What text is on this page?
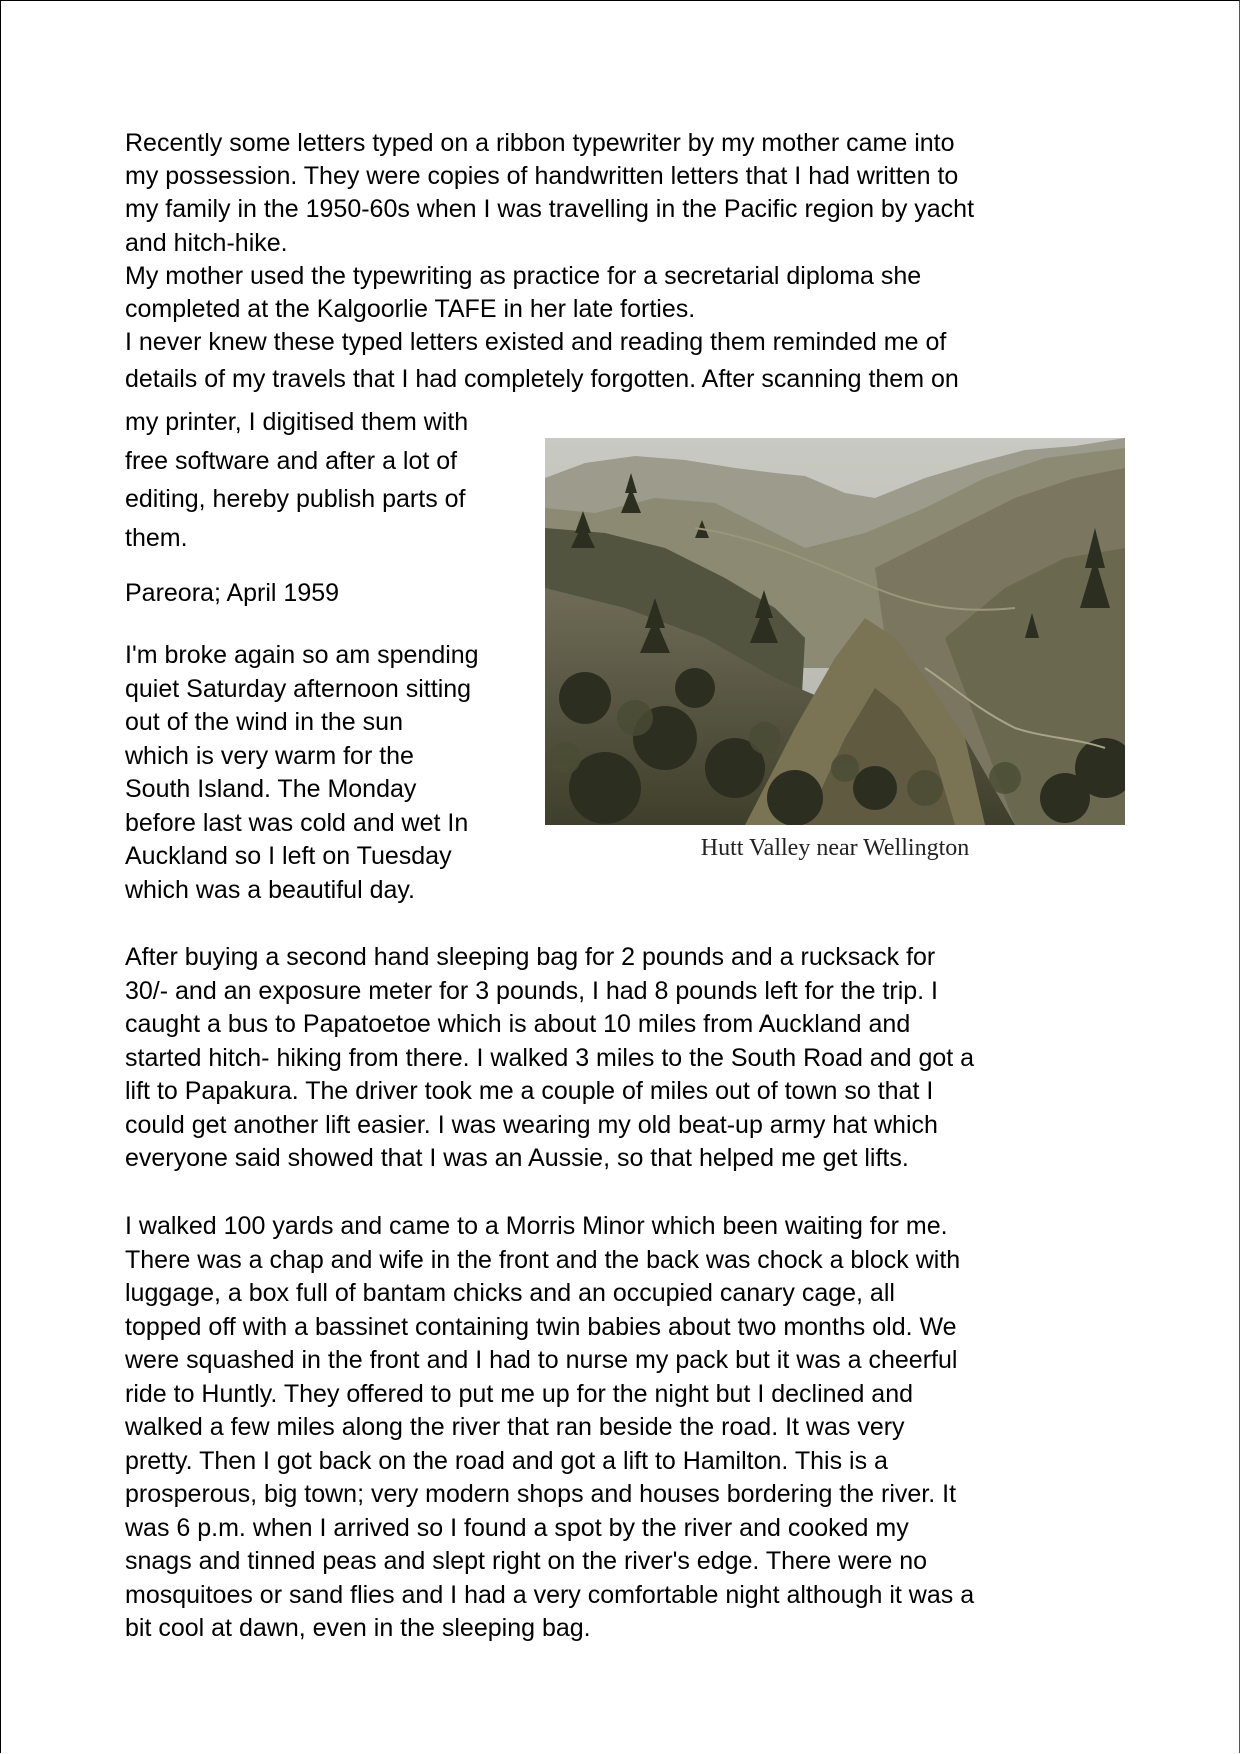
Recently some letters typed on a ribbon typewriter by my mother came into
my possession. They were copies of handwritten letters that I had written to
my family in the 1950-60s when I was travelling in the Pacific region by yacht
and hitch-hike.
My mother used the typewriting as practice for a secretarial diploma she
completed at the Kalgoorlie TAFE in her late forties.
I never knew these typed letters existed and reading them reminded me of
details of my travels that I had completely forgotten. After scanning them on
my printer, I digitised them with
free software and after a lot of
editing, hereby publish parts of
them.
Pareora; April 1959
I'm broke again so am spending
quiet Saturday afternoon sitting
out of the wind in the sun
which is very warm for the
South Island. The Monday
before last was cold and wet In
Auckland so I left on Tuesday
which was a beautiful day.
Hutt Valley near Wellington
After buying a second hand sleeping bag for 2 pounds and a rucksack for
30/- and an exposure meter for 3 pounds, I had 8 pounds left for the trip. I
caught a bus to Papatoetoe which is about 10 miles from Auckland and
started hitch- hiking from there. I walked 3 miles to the South Road and got a
lift to Papakura. The driver took me a couple of miles out of town so that I
could get another lift easier. I was wearing my old beat-up army hat which
everyone said showed that I was an Aussie, so that helped me get lifts.
I walked 100 yards and came to a Morris Minor which been waiting for me.
There was a chap and wife in the front and the back was chock a block with
luggage, a box full of bantam chicks and an occupied canary cage, all
topped off with a bassinet containing twin babies about two months old. We
were squashed in the front and I had to nurse my pack but it was a cheerful
ride to Huntly. They offered to put me up for the night but I declined and
walked a few miles along the river that ran beside the road. It was very
pretty. Then I got back on the road and got a lift to Hamilton. This is a
prosperous, big town; very modern shops and houses bordering the river. It
was 6 p.m. when I arrived so I found a spot by the river and cooked my
snags and tinned peas and slept right on the river's edge. There were no
mosquitoes or sand flies and I had a very comfortable night although it was a
bit cool at dawn, even in the sleeping bag.
